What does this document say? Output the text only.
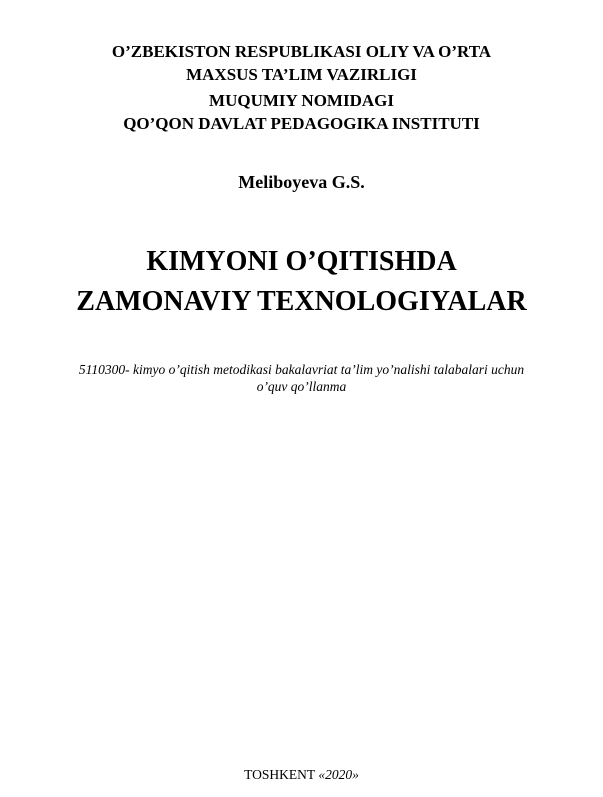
O’ZBEKISTON RESPUBLIKASI OLIY VA O’RTA
MAXSUS TA’LIM VAZIRLIGI
MUQUMIY NOMIDAGI
QO’QON DAVLAT PEDAGOGIKA INSTITUTI
Meliboyeva G.S.
KIMYONI O’QITISHDA
ZAMONAVIY TEXNOLOGIYALAR
5110300- kimyo o’qitish metodikasi bakalavriat ta’lim yo’nalishi talabalari uchun
o’quv qo’llanma
TOSHKENT «2020»
